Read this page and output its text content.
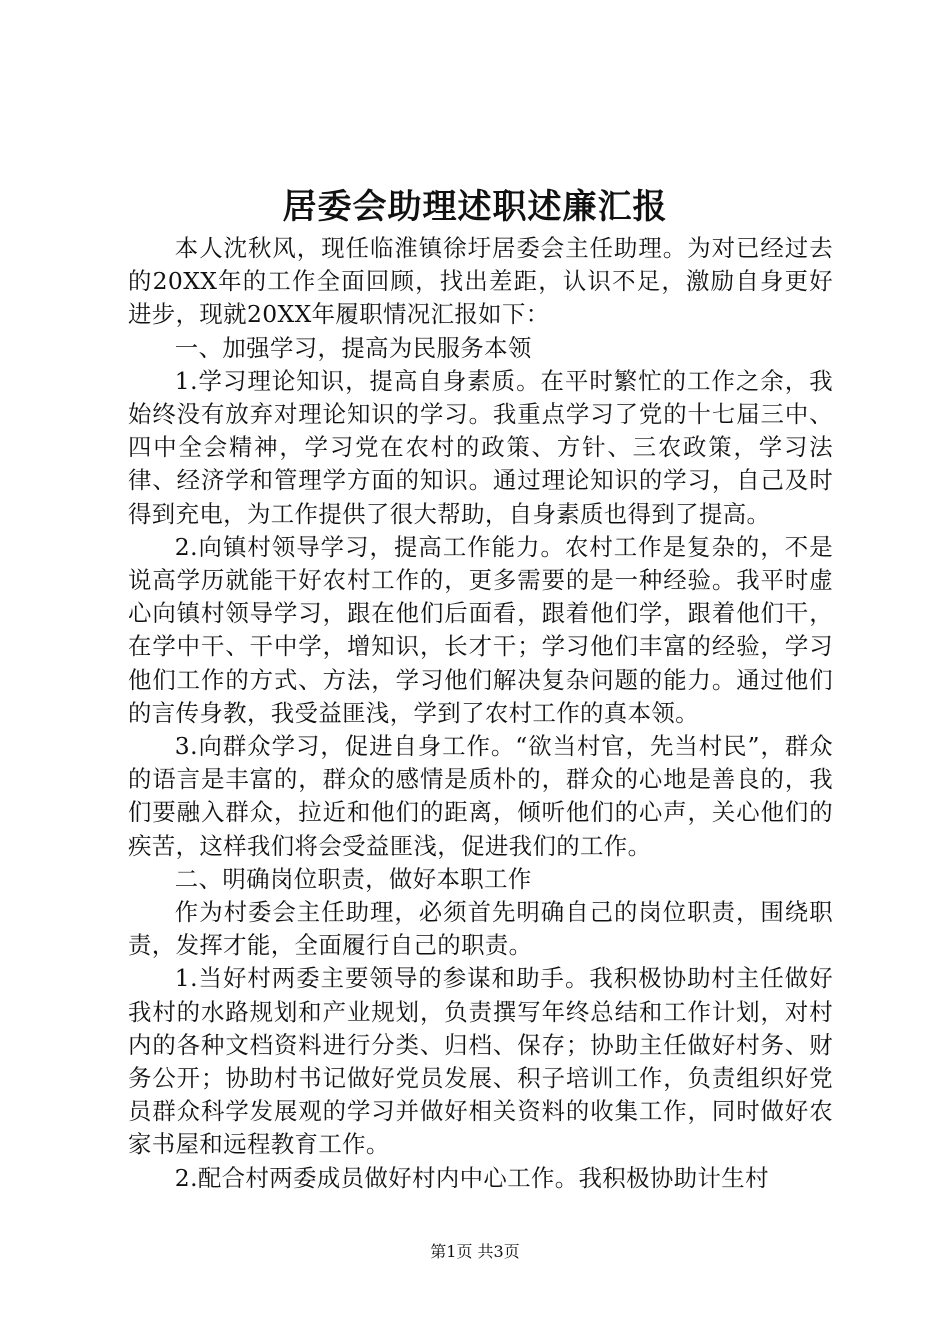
居委会助理述职述廉汇报

本人沈秋风，现任临淮镇徐圩居委会主任助理。为对已经过去的20XX年的工作全面回顾，找出差距，认识不足，激励自身更好进步，现就20XX年履职情况汇报如下：

一、加强学习，提高为民服务本领

1.学习理论知识，提高自身素质。在平时繁忙的工作之余，我始终没有放弃对理论知识的学习。我重点学习了党的十七届三中、四中全会精神，学习党在农村的政策、方针、三农政策，学习法律、经济学和管理学方面的知识。通过理论知识的学习，自己及时得到充电，为工作提供了很大帮助，自身素质也得到了提高。

2.向镇村领导学习，提高工作能力。农村工作是复杂的，不是说高学历就能干好农村工作的，更多需要的是一种经验。我平时虚心向镇村领导学习，跟在他们后面看，跟着他们学，跟着他们干，在学中干、干中学，增知识，长才干；学习他们丰富的经验，学习他们工作的方式、方法，学习他们解决复杂问题的能力。通过他们的言传身教，我受益匪浅，学到了农村工作的真本领。

3.向群众学习，促进自身工作。“欲当村官，先当村民”，群众的语言是丰富的，群众的感情是质朴的，群众的心地是善良的，我们要融入群众，拉近和他们的距离，倾听他们的心声，关心他们的疾苦，这样我们将会受益匪浅，促进我们的工作。

二、明确岗位职责，做好本职工作

作为村委会主任助理，必须首先明确自己的岗位职责，围绕职责，发挥才能，全面履行自己的职责。

1.当好村两委主要领导的参谋和助手。我积极协助村主任做好我村的水路规划和产业规划，负责撰写年终总结和工作计划，对村内的各种文档资料进行分类、归档、保存；协助主任做好村务、财务公开；协助村书记做好党员发展、积子培训工作，负责组织好党员群众科学发展观的学习并做好相关资料的收集工作，同时做好农家书屋和远程教育工作。

2.配合村两委成员做好村内中心工作。我积极协助计生村

第1页 共3页
